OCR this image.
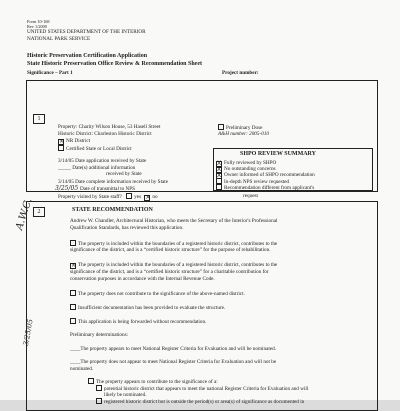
Form 10-168
Rev 1/2000
UNITED STATES DEPARTMENT OF THE INTERIOR
NATIONAL PARK SERVICE
Historic Preservation Certification Application
State Historic Preservation Office Review & Recommendation Sheet
Significance – Part 1	Project number:
1
Property: Charity Wilson House, 53 Hasell Street
Historic District: Charleston Historic District
× NR District
Certified State or Local District
Preliminary Dose
A&H number: 2005-010
3/14/05 Date application received by State
_____ Date(s) additional information
received by State
3/14/05 Date complete information received by State
3/25/05 Date of transmittal to NPS
SHPO REVIEW SUMMARY
X Fully reviewed by SHPO
X No outstanding concerns
X Owner informed of SHPO recommendation
In-depth NPS review requested
Recommendation different from applicant's
Property visited by State staff? yes × no	request
2	STATE RECOMMENDATION
A.W.C.
3/25/05
Andrew W. Chandler, Architectural Historian, who meets the Secretary of the Interior's Professional
Qualification Standards, has reviewed this application.
The property is included within the boundaries of a registered historic district, contributes to the
significance of the district, and is a “certified historic structure” for the purpose of rehabilitation.
× The property is included within the boundaries of a registered historic district, contributes to the
significance of the district, and is a “certified historic structure” for a charitable contribution for
conservation purposes in accordance with the Internal Revenue Code.
The property does not contribute to the significance of the above-named district.
Insufficient documentation has been provided to evaluate the structure.
This application is being forwarded without recommendation.
Preliminary determinations:
____The property appears to meet National Register Criteria for Evaluation and will be nominated.
____The property does not appear to meet National Register Criteria for Evaluation and will not be
nominated.
The property appears to contribute to the significance of a:
potential historic district that appears to meet the national Register Criteria for Evaluation and will
likely be nominated.
registered historic district but is outside the period(s) or area(s) of significance as documented in
